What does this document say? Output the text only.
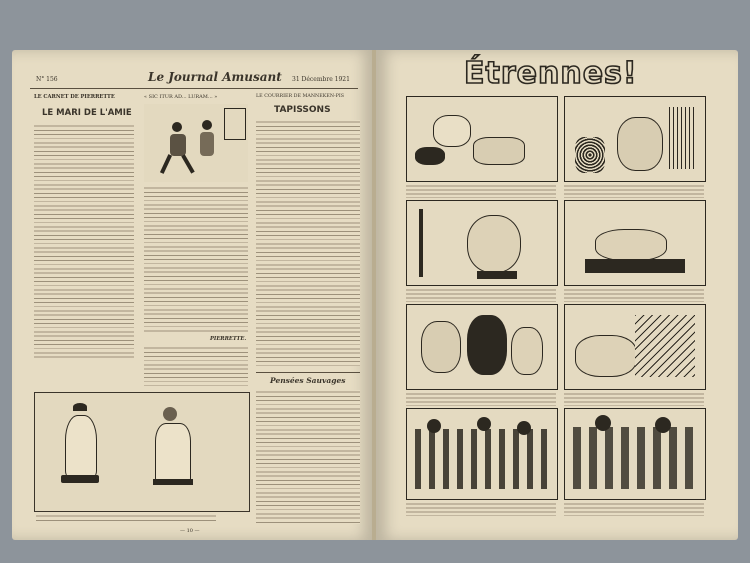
N° 156	Le Journal Amusant 31 Décembre 1921
LE CARNET DE PIERRETTE
LE MARI DE L'AMIE
« SIC ITUR AD... LURAM... »
PIERRETTE.
LE COURRIER DE MANNEKEN-PIS
TAPISSONS
Pensées Sauvages
— 10 —
Étrennes!
